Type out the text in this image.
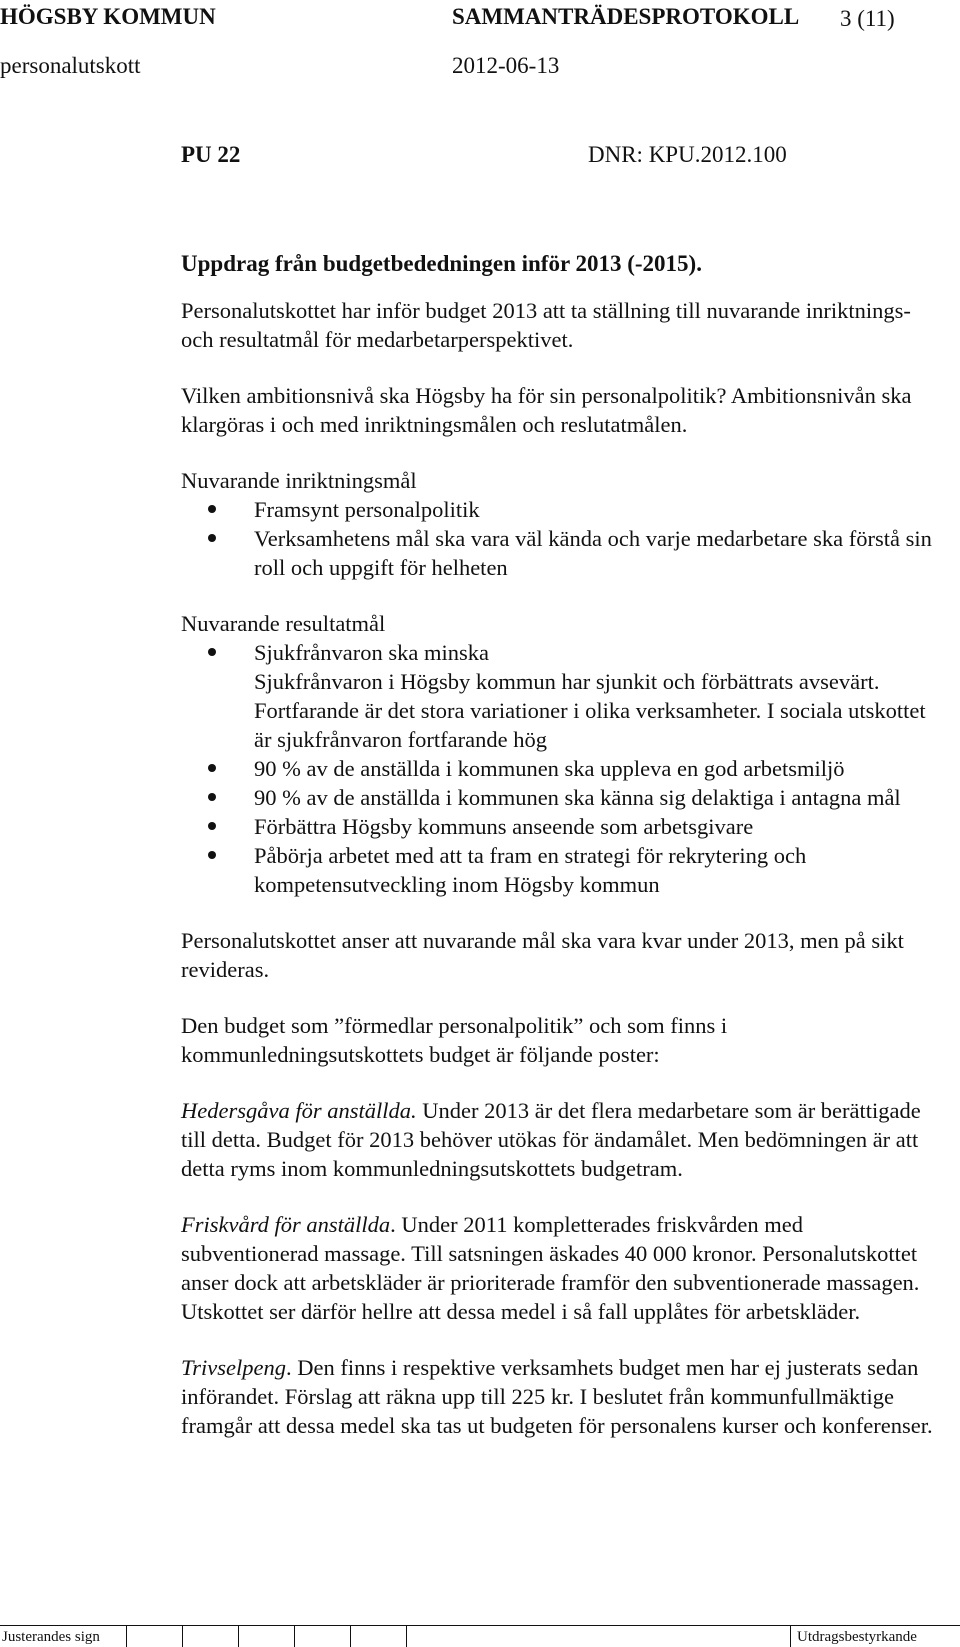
HÖGSBY KOMMUN	SAMMANTRÄDESPROTOKOLL 3 (11)
personalutskott	2012-06-13
PU 22	DNR: KPU.2012.100
Uppdrag från budgetbededningen inför 2013 (-2015).

Personalutskottet har inför budget 2013 att ta ställning till nuvarande inriktnings- och resultatmål för medarbetarperspektivet.

Vilken ambitionsnivå ska Högsby ha för sin personalpolitik? Ambitionsnivån ska klargöras i och med inriktningsmålen och reslutatmålen.

Nuvarande inriktningsmål

Framsynt personalpolitik
Verksamhetens mål ska vara väl kända och varje medarbetare ska förstå sin roll och uppgift för helheten

Nuvarande resultatmål

Sjukfrånvaron ska minska
Sjukfrånvaron i Högsby kommun har sjunkit och förbättrats avsevärt. Fortfarande är det stora variationer i olika verksamheter. I sociala utskottet är sjukfrånvaron fortfarande hög
90 % av de anställda i kommunen ska uppleva en god arbetsmiljö
90 % av de anställda i kommunen ska känna sig delaktiga i antagna mål
Förbättra Högsby kommuns anseende som arbetsgivare
Påbörja arbetet med att ta fram en strategi för rekrytering och kompetensutveckling inom Högsby kommun

Personalutskottet anser att nuvarande mål ska vara kvar under 2013, men på sikt revideras.

Den budget som ”förmedlar personalpolitik” och som finns i kommunledningsutskottets budget är följande poster:

Hedersgåva för anställda. Under 2013 är det flera medarbetare som är berättigade till detta. Budget för 2013 behöver utökas för ändamålet. Men bedömningen är att detta ryms inom kommunledningsutskottets budgetram.

Friskvård för anställda. Under 2011 kompletterades friskvården med subventionerad massage. Till satsningen äskades 40 000 kronor. Personalutskottet anser dock att arbetskläder är prioriterade framför den subventionerade massagen. Utskottet ser därför hellre att dessa medel i så fall upplåtes för arbetskläder.

Trivselpeng. Den finns i respektive verksamhets budget men har ej justerats sedan införandet. Förslag att räkna upp till 225 kr. I beslutet från kommunfullmäktige framgår att dessa medel ska tas ut budgeten för personalens kurser och konferenser.

Justerandes sign	Utdragsbestyrkande
